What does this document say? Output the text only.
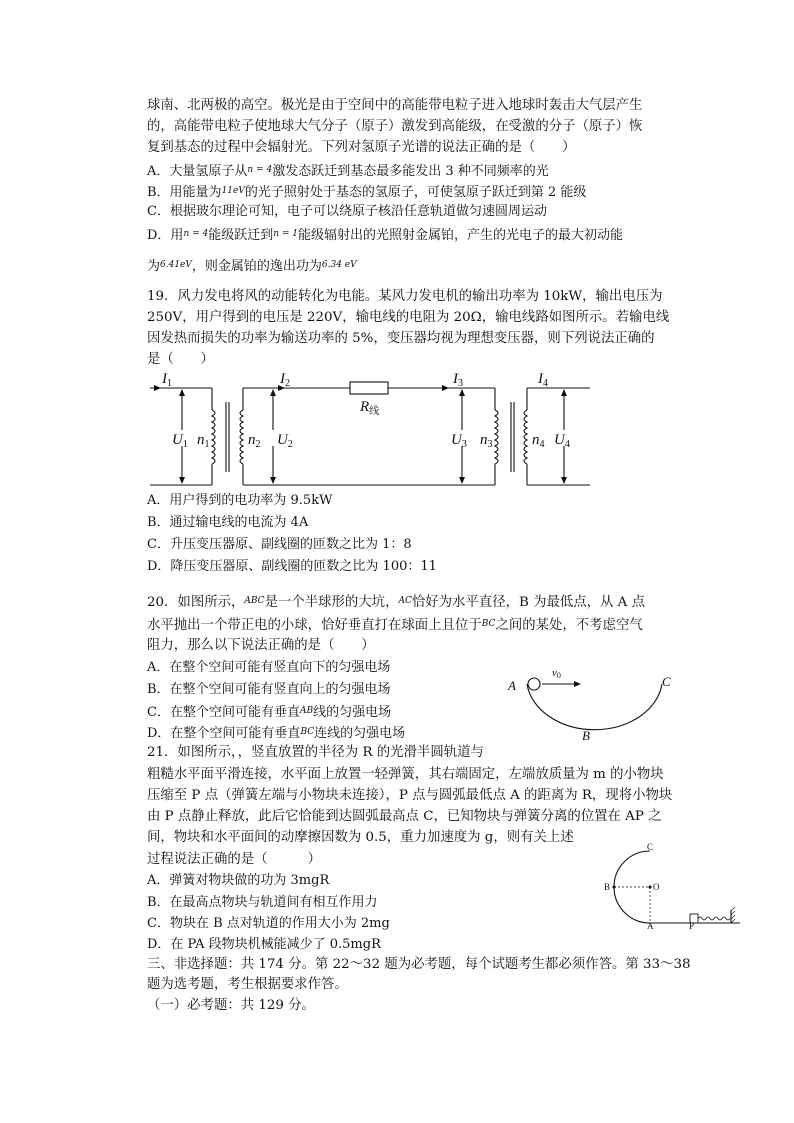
球南、北两极的高空。极光是由于空间中的高能带电粒子进入地球时轰击大气层产生
的，高能带电粒子使地球大气分子（原子）激发到高能级，在受激的分子（原子）恢
复到基态的过程中会辐射光。下列对氢原子光谱的说法正确的是（　　）
A．大量氢原子从$^{n = 4}$激发态跃迁到基态最多能发出 3 种不同频率的光
B．用能量为$^{11eV}$的光子照射处于基态的氢原子，可使氢原子跃迁到第 2 能级
C．根据玻尔理论可知，电子可以绕原子核沿任意轨道做匀速圆周运动
D．用$^{n = 4}$能级跃迁到$^{n = 1}$能级辐射出的光照射金属铂，产生的光电子的最大初动能
为$^{6.41eV}$，则金属铂的逸出功为$^{6.34 eV}$
19．风力发电将风的动能转化为电能。某风力发电机的输出功率为 10kW，输出电压为
250V，用户得到的电压是 220V，输电线的电阻为 20Ω，输电线路如图所示。若输电线
因发热而损失的功率为输送功率的 5%，变压器均视为理想变压器，则下列说法正确的
是（　　）
$I_1$	$I_2$	$I_3$	$I_4$
$U_1$ $n_1$	$n_2$ $U_2$
$R_线$
$U_3$ $n_3$	$n_4$ $U_4$
A．用户得到的电功率为 9.5kW
B．通过输电线的电流为 4A
C．升压变压器原、副线圈的匝数之比为 1：8
D．降压变压器原、副线圈的匝数之比为 100：11
20．如图所示，$^{ABC}$是一个半球形的大坑，$^{AC}$恰好为水平直径，B 为最低点，从 A 点
水平抛出一个带正电的小球，恰好垂直打在球面上且位于$^{BC}$之间的某处，不考虑空气
阻力，那么以下说法正确的是（　　）
A．在整个空间可能有竖直向下的匀强电场
B．在整个空间可能有竖直向上的匀强电场
C．在整个空间可能有垂直$^{AB}$线的匀强电场
D．在整个空间可能有垂直$^{BC}$连线的匀强电场
A	C
B
v0
21．如图所示，，竖直放置的半径为 R 的光滑半圆轨道与
粗糙水平面平滑连接，水平面上放置一轻弹簧，其右端固定，左端放质量为 m 的小物块
压缩至 P 点（弹簧左端与小物块未连接），P 点与圆弧最低点 A 的距离为 R，现将小物块
由 P 点静止释放，此后它恰能到达圆弧最高点 C，已知物块与弹簧分离的位置在 AP 之
间，物块和水平面间的动摩擦因数为 0.5，重力加速度为 g，则有关上述
过程说法正确的是（　　　）
C
B	O
A	P
A．弹簧对物块做的功为 3mgR
B．在最高点物块与轨道间有相互作用力
C．物块在 B 点对轨道的作用大小为 2mg
D．在 PA 段物块机械能减少了 0.5mgR
三、非选择题：共 174 分。第 22～32 题为必考题，每个试题考生都必须作答。第 33～38
题为选考题，考生根据要求作答。
（一）必考题：共 129 分。
